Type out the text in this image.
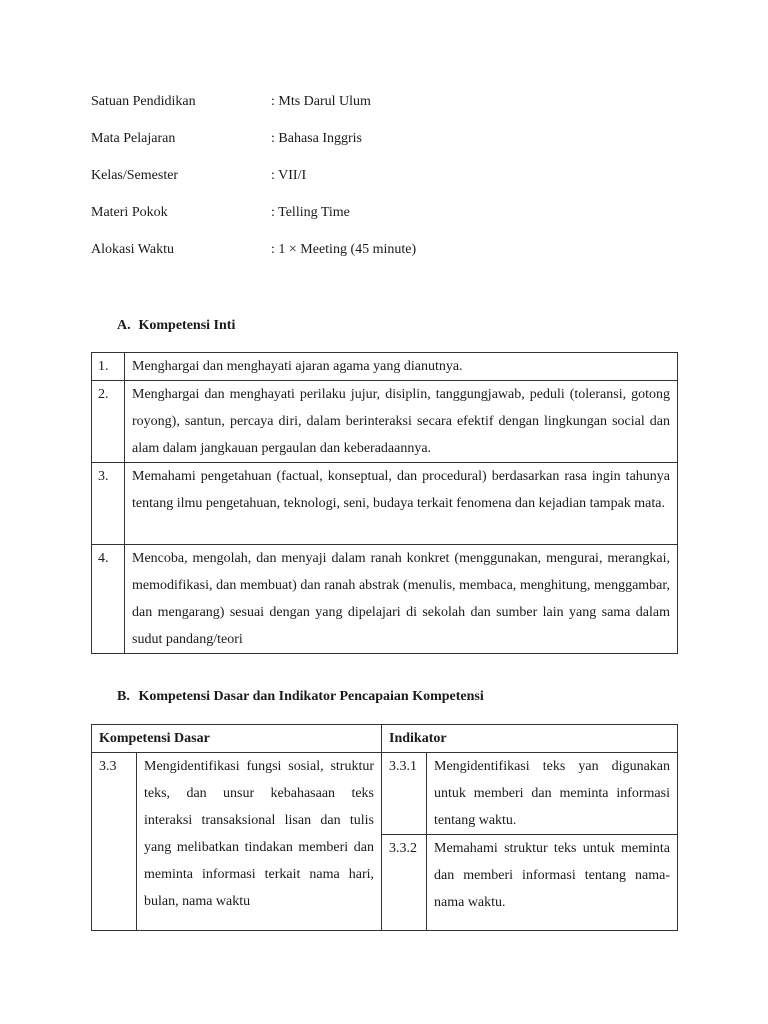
Satuan Pendidikan	: Mts Darul Ulum
Mata Pelajaran	: Bahasa Inggris
Kelas/Semester	: VII/I
Materi Pokok	: Telling Time
Alokasi Waktu	: 1 × Meeting (45 minute)
A. Kompetensi Inti
1.	Menghargai dan menghayati ajaran agama yang dianutnya.
2.	Menghargai dan menghayati perilaku jujur, disiplin, tanggungjawab, peduli (toleransi, gotong royong), santun, percaya diri, dalam berinteraksi secara efektif dengan lingkungan social dan alam dalam jangkauan pergaulan dan keberadaannya.
3.	Memahami pengetahuan (factual, konseptual, dan procedural) berdasarkan rasa ingin tahunya tentang ilmu pengetahuan, teknologi, seni, budaya terkait fenomena dan kejadian tampak mata.
4.	Mencoba, mengolah, dan menyaji dalam ranah konkret (menggunakan, mengurai, merangkai, memodifikasi, dan membuat) dan ranah abstrak (menulis, membaca, menghitung, menggambar, dan mengarang) sesuai dengan yang dipelajari di sekolah dan sumber lain yang sama dalam sudut pandang/teori
B. Kompetensi Dasar dan Indikator Pencapaian Kompetensi
Kompetensi Dasar		Indikator	
3.3	Mengidentifikasi fungsi sosial, struktur teks, dan unsur kebahasaan teks interaksi transaksional lisan dan tulis yang melibatkan tindakan memberi dan meminta informasi terkait nama hari, bulan, nama waktu	3.3.1	Mengidentifikasi teks yan digunakan untuk memberi dan meminta informasi tentang waktu.
		3.3.2	Memahami struktur teks untuk meminta dan memberi informasi tentang nama-nama waktu.
